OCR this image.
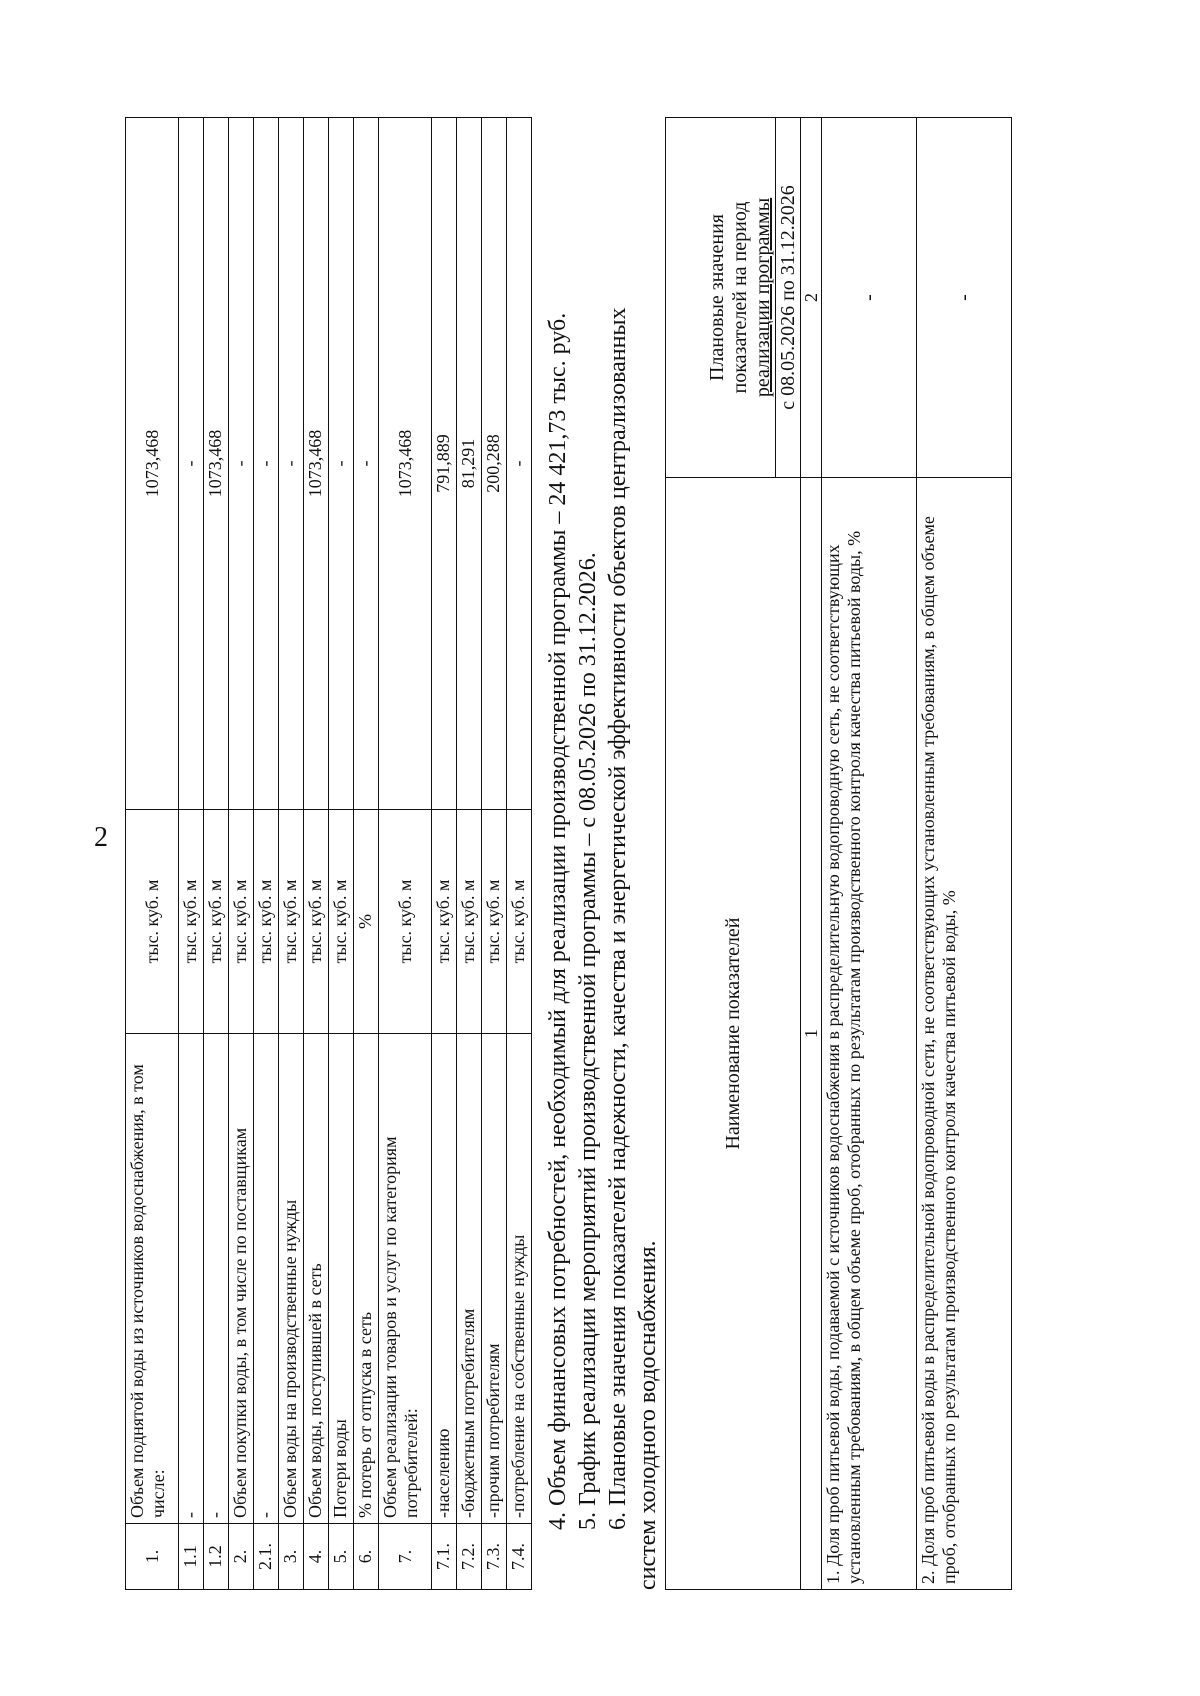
2
1.	Объем поднятой воды из источников водоснабжения, в том числе:	тыс. куб. м	1073,468
1.1	-	тыс. куб. м	-
1.2	-	тыс. куб. м	1073,468
2.	Объем покупки воды, в том числе по поставщикам	тыс. куб. м	-
2.1.	-	тыс. куб. м	-
3.	Объем воды на производственные нужды	тыс. куб. м	-
4.	Объем воды, поступившей в сеть	тыс. куб. м	1073,468
5.	Потери воды	тыс. куб. м	-
6.	% потерь от отпуска в сеть	%	-
7.	Объем реализации товаров и услуг по категориям потребителей:	тыс. куб. м	1073,468
7.1.	-населению	тыс. куб. м	791,889
7.2.	-бюджетным потребителям	тыс. куб. м	81,291
7.3.	-прочим потребителям	тыс. куб. м	200,288
7.4.	-потребление на собственные нужды	тыс. куб. м	- 4. Объем финансовых потребностей, необходимый для реализации производственной программы – 24 421,73 тыс. руб. 5. График реализации мероприятий производственной программы – с 08.05.2026 по 31.12.2026. 6. Плановые значения показателей надежности, качества и энергетической эффективности объектов централизованных систем холодного водоснабжения.
Наименование показателей	Плановые значения показателей на период реализации программы

	с 08.05.2026 по 31.12.2026
1	2
1. Доля проб питьевой воды, подаваемой с источников водоснабжения в распределительную водопроводную сеть, не соответствующих установленным требованиям, в общем объеме проб, отобранных по результатам производственного контроля качества питьевой воды, %	-
2. Доля проб питьевой воды в распределительной водопроводной сети, не соответствующих установленным требованиям, в общем объеме проб, отобранных по результатам производственного контроля качества питьевой воды, %	-
